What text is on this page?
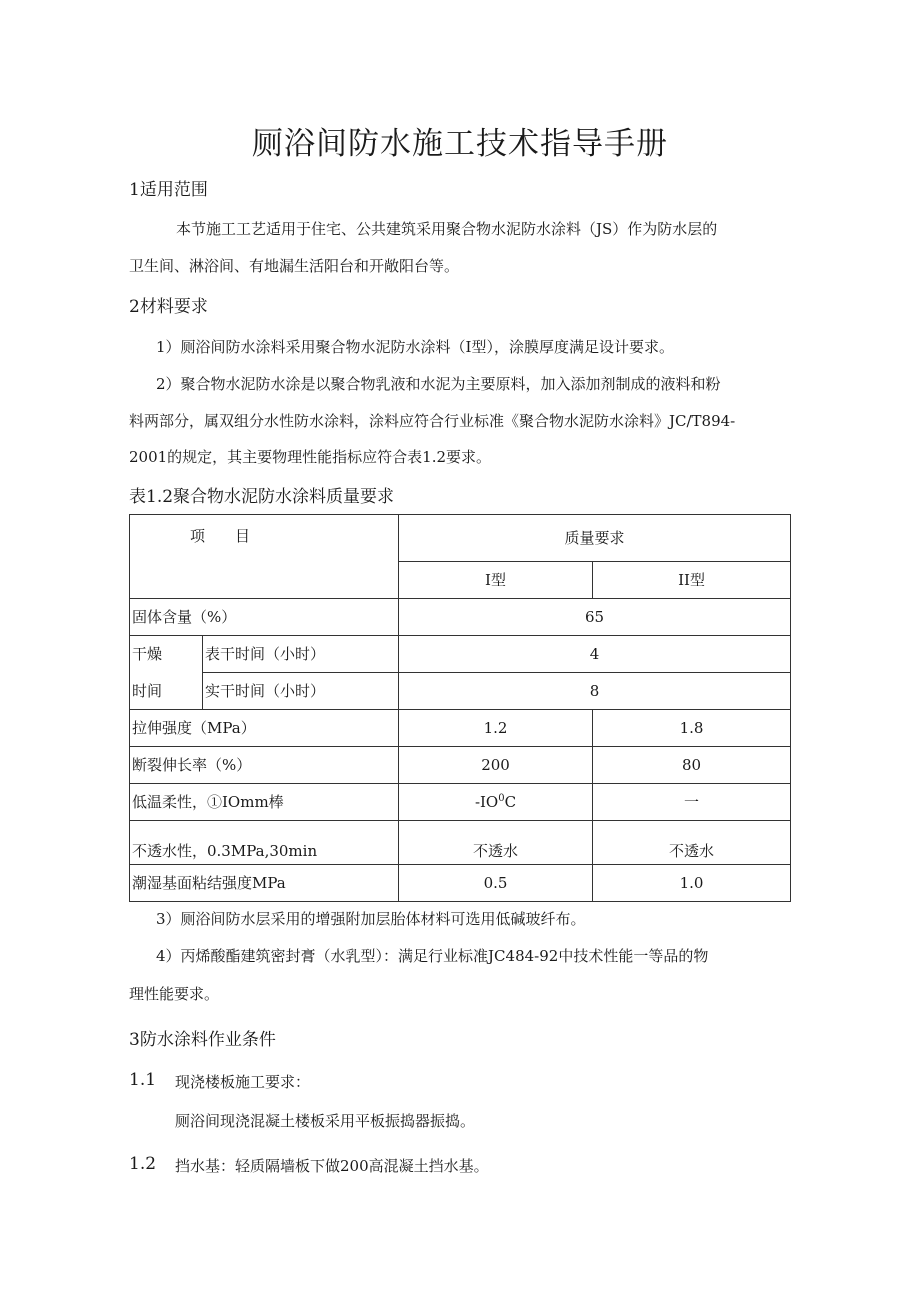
厕浴间防水施工技术指导手册
1适用范围
本节施工工艺适用于住宅、公共建筑采用聚合物水泥防水涂料（JS）作为防水层的
卫生间、淋浴间、有地漏生活阳台和开敞阳台等。
2材料要求
1）厕浴间防水涂料采用聚合物水泥防水涂料（I型），涂膜厚度满足设计要求。
2）聚合物水泥防水涂是以聚合物乳液和水泥为主要原料，加入添加剂制成的液料和粉
料两部分，属双组分水性防水涂料，涂料应符合行业标准《聚合物水泥防水涂料》JC/T894-
2001的规定，其主要物理性能指标应符合表1.2要求。
表1.2聚合物水泥防水涂料质量要求
项　　目		质量要求	
		I型	II型
固体含量（%）		65	
干燥	表干时间（小时）	4	
时间	实干时间（小时）	8	
拉伸强度（MPa）		1.2	1.8
断裂伸长率（%）		200	80
低温柔性，①IOmm棒		$-IO^0C$	一
不透水性，0.3MPa,30min		不透水	不透水
潮湿基面粘结强度MPa		0.5	1.0
3）厕浴间防水层采用的增强附加层胎体材料可选用低碱玻纤布。
4）丙烯酸酯建筑密封膏（水乳型）：满足行业标准JC484-92中技术性能一等品的物
理性能要求。
3防水涂料作业条件
1.1 现浇楼板施工要求：
厕浴间现浇混凝土楼板采用平板振捣器振捣。
1.2 挡水基：轻质隔墙板下做200高混凝土挡水基。
